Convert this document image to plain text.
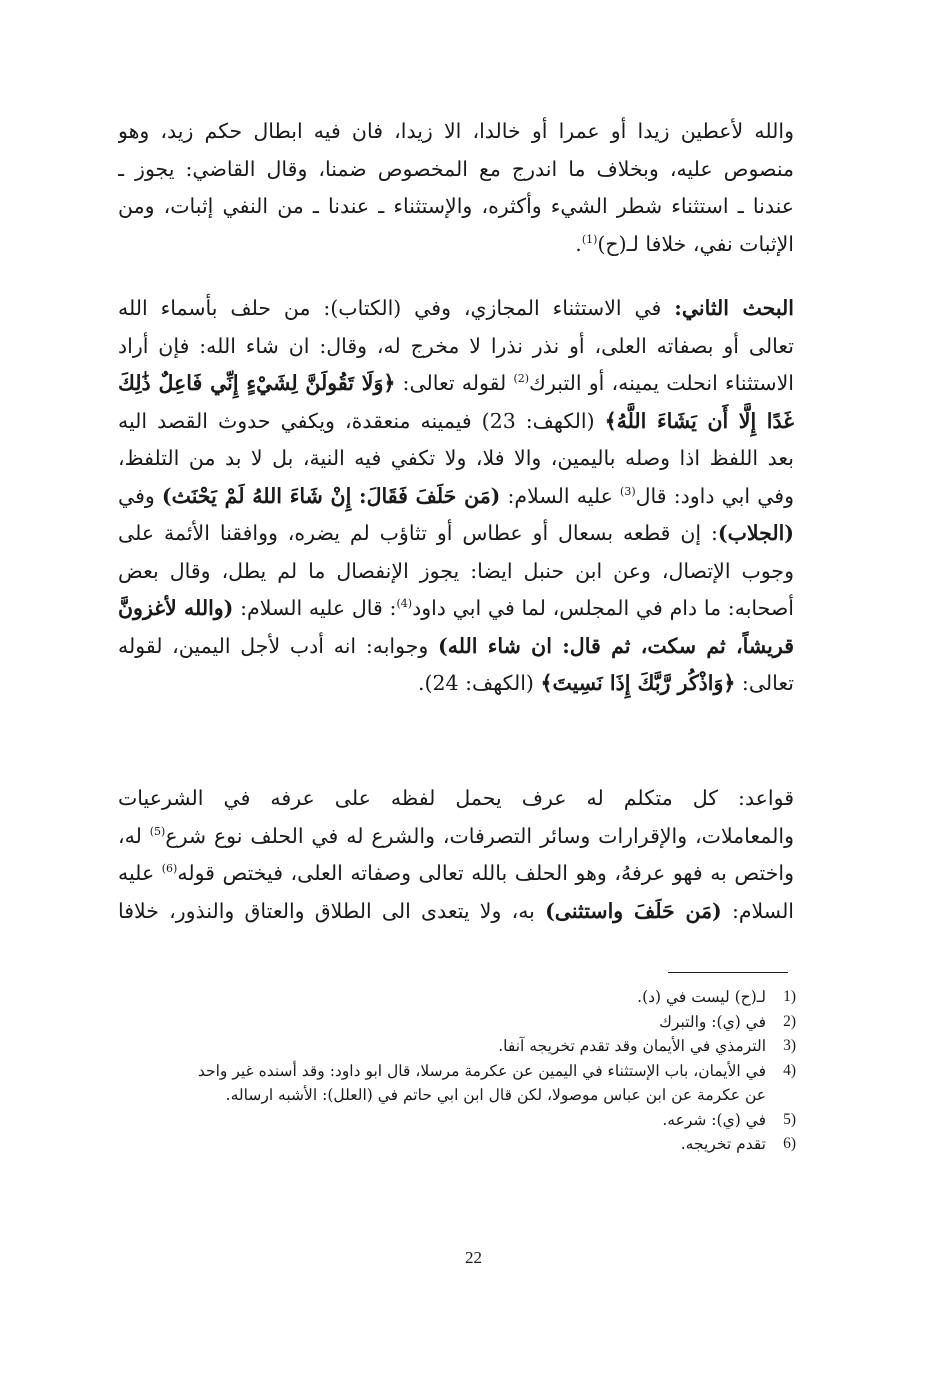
والله لأعطين زيدا أو عمرا أو خالدا، الا زيدا، فان فيه ابطال حكم زيد، وهو

منصوص عليه، وبخلاف ما اندرج مع المخصوص ضمنا، وقال القاضي: يجوز ـ

عندنا ـ استثناء شطر الشيء وأكثره، والإستثناء ـ عندنا ـ من النفي إثبات، ومن

الإثبات نفي، خلافا لـ(ح)$^{(1)}$.

البحث الثاني: في الاستثناء المجازي، وفي (الكتاب): من حلف بأسماء الله

تعالى أو بصفاته العلى، أو نذر نذرا لا مخرج له، وقال: ان شاء الله: فإن أراد

الاستثناء انحلت يمينه، أو التبرك$^{(2)}$ لقوله تعالى: ﴿وَلَا تَقُولَنَّ لِشَيْءٍ إِنِّي فَاعِلٌ ذَٰلِكَ

غَدًا إِلَّا أَن يَشَاءَ اللَّهُ﴾ (الكهف: 23) فيمينه منعقدة، ويكفي حدوث القصد اليه

بعد اللفظ اذا وصله باليمين، والا فلا، ولا تكفي فيه النية، بل لا بد من التلفظ،

وفي ابي داود: قال$^{(3)}$ عليه السلام: (مَن حَلَفَ فَقَالَ: إِنْ شَاءَ اللهُ لَمْ يَحْنَث) وفي

(الجلاب): إن قطعه بسعال أو عطاس أو تثاؤب لم يضره، ووافقنا الأئمة على

وجوب الإتصال، وعن ابن حنبل ايضا: يجوز الإنفصال ما لم يطل، وقال بعض

أصحابه: ما دام في المجلس، لما في ابي داود$^{(4)}$: قال عليه السلام: (والله لأغزونَّ

قريشاً، ثم سكت، ثم قال: ان شاء الله) وجوابه: انه أدب لأجل اليمين، لقوله

تعالى: ﴿وَاذْكُر رَّبَّكَ إِذَا نَسِيتَ﴾ (الكهف: 24).

قواعد: كل متكلم له عرف يحمل لفظه على عرفه في الشرعيات

والمعاملات، والإقرارات وسائر التصرفات، والشرع له في الحلف نوع شرع$^{(5)}$ له،

واختص به فهو عرفهُ، وهو الحلف بالله تعالى وصفاته العلى، فيختص قوله$^{(6)}$ عليه

السلام: (مَن حَلَفَ واستثنى) به، ولا يتعدى الى الطلاق والعتاق والنذور، خلافا

1)
لـ(ح) ليست في (د).
2)
في (ي): والتبرك
3)
الترمذي في الأيمان وقد تقدم تخريجه آنفا.
4)
في الأيمان، باب الإستثناء في اليمين عن عكرمة مرسلا، قال ابو داود: وقد أسنده غير واحد
عن عكرمة عن ابن عباس موصولا، لكن قال ابن ابي حاتم في (العلل): الأشبه ارساله.
5)
في (ي): شرعه.
6)
تقدم تخريجه.
22
